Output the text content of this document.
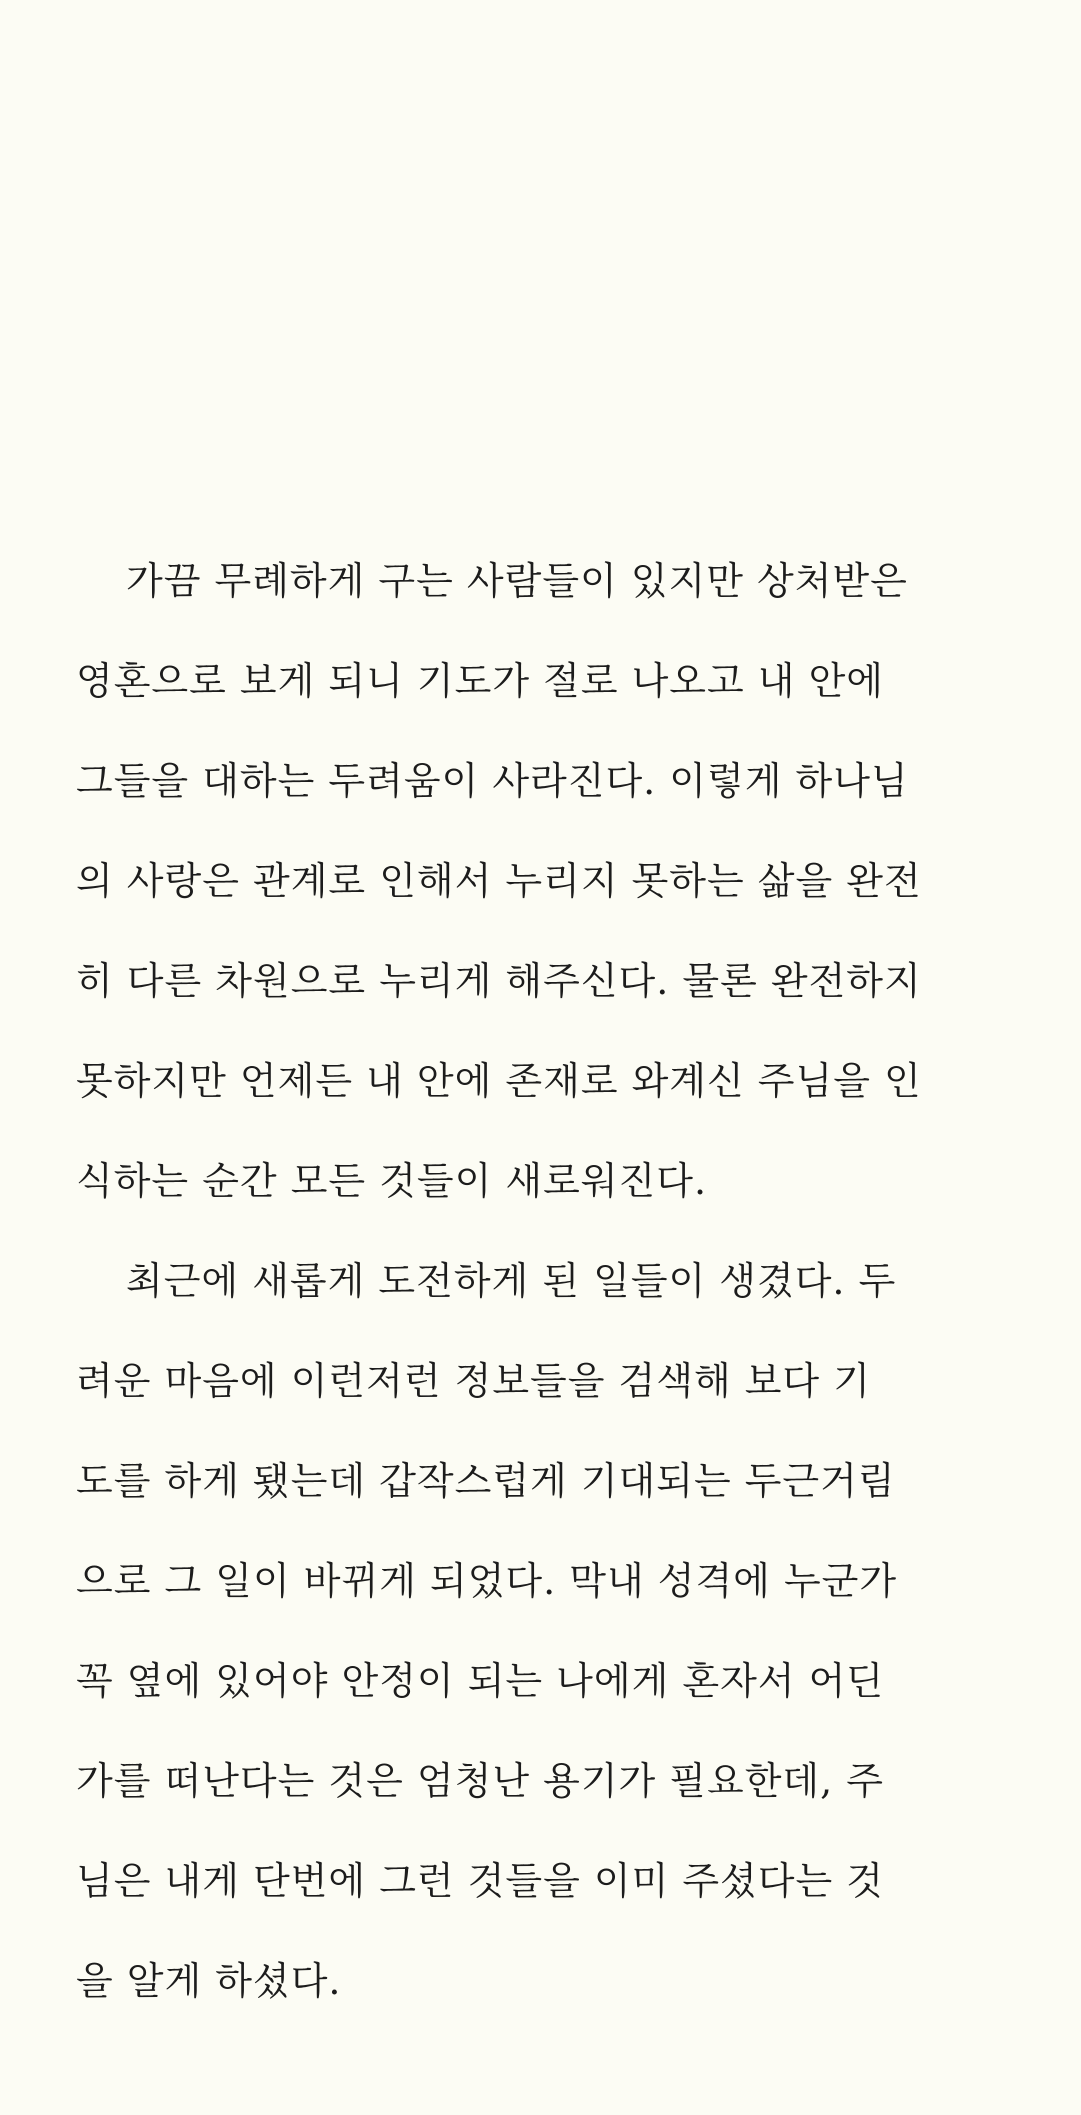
가끔 무례하게 구는 사람들이 있지만 상처받은
영혼으로 보게 되니 기도가 절로 나오고 내 안에
그들을 대하는 두려움이 사라진다. 이렇게 하나님
의 사랑은 관계로 인해서 누리지 못하는 삶을 완전
히 다른 차원으로 누리게 해주신다. 물론 완전하지
못하지만 언제든 내 안에 존재로 와계신 주님을 인
식하는 순간 모든 것들이 새로워진다.
최근에 새롭게 도전하게 된 일들이 생겼다. 두
려운 마음에 이런저런 정보들을 검색해 보다 기
도를 하게 됐는데 갑작스럽게 기대되는 두근거림
으로 그 일이 바뀌게 되었다. 막내 성격에 누군가
꼭 옆에 있어야 안정이 되는 나에게 혼자서 어딘
가를 떠난다는 것은 엄청난 용기가 필요한데, 주
님은 내게 단번에 그런 것들을 이미 주셨다는 것
을 알게 하셨다.
